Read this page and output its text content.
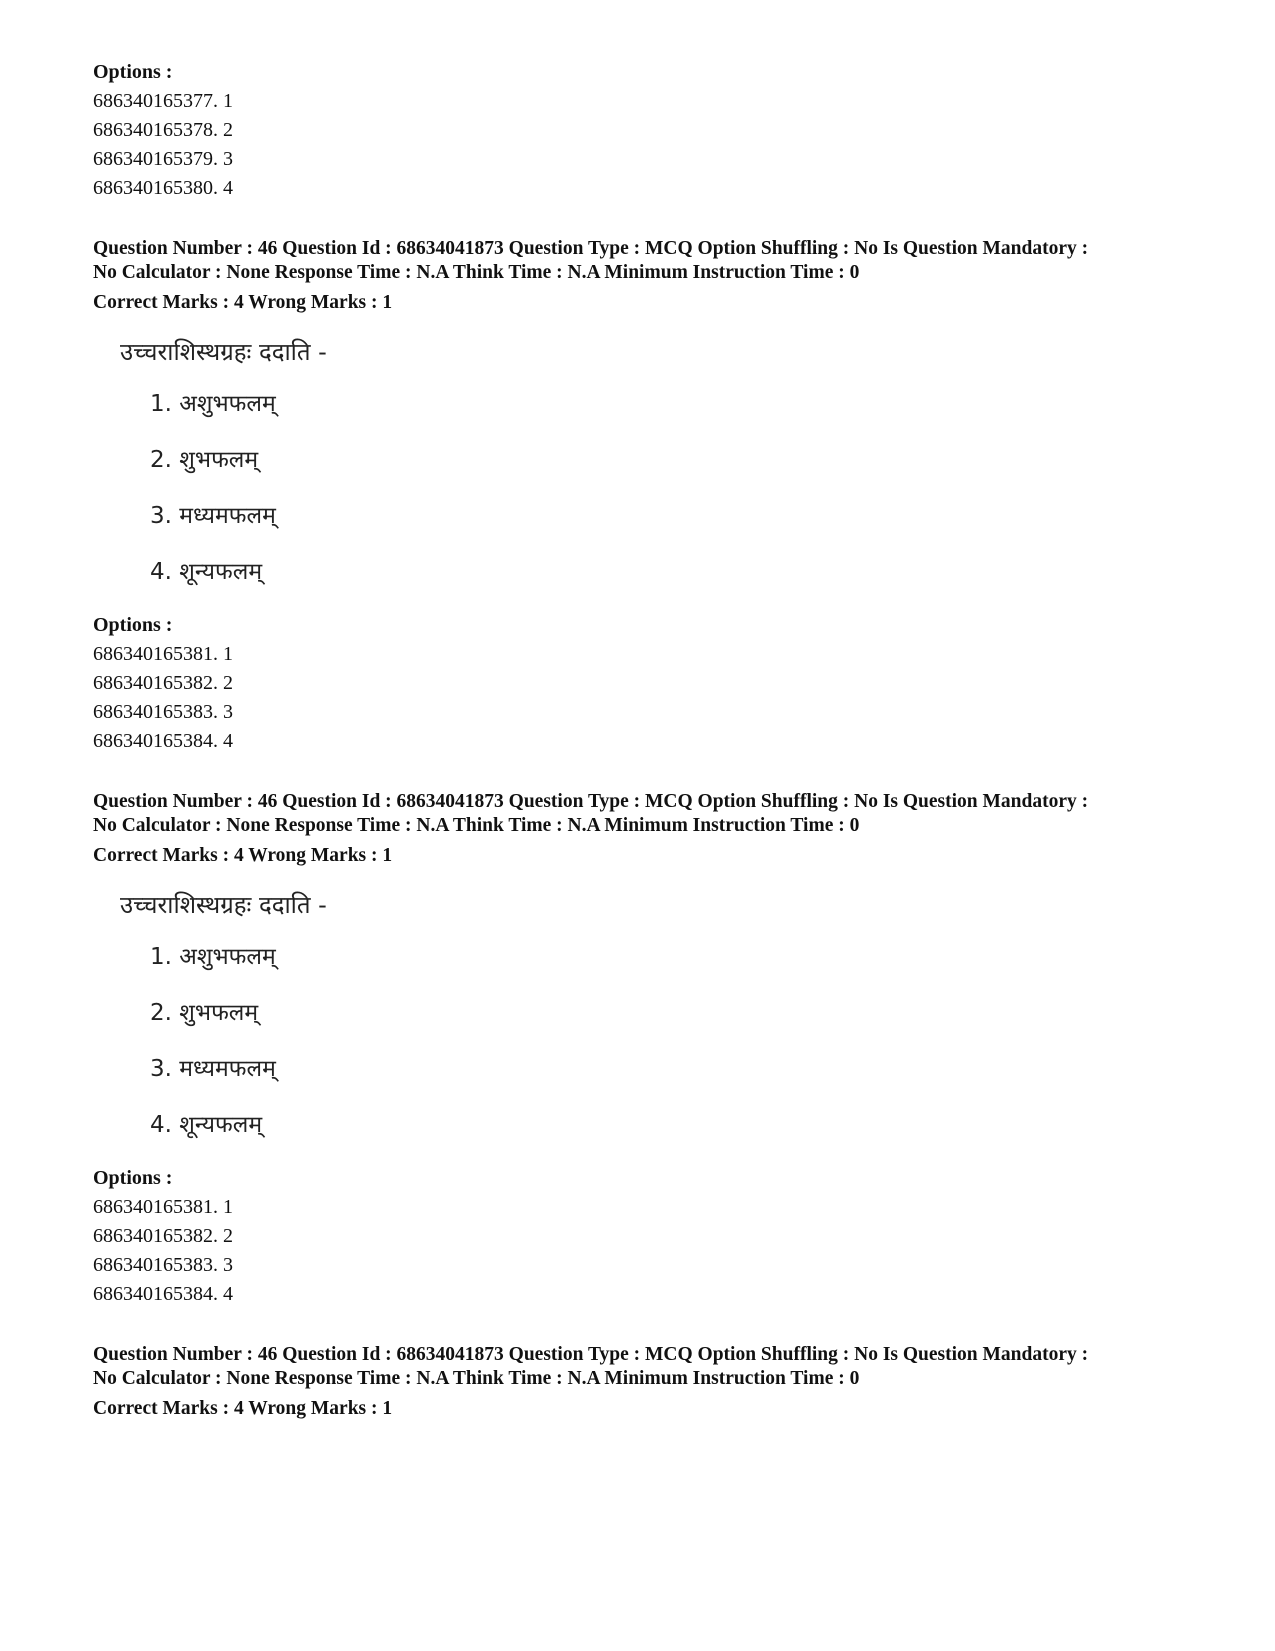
Options :

686340165377. 1

686340165378. 2

686340165379. 3

686340165380. 4

Question Number : 46 Question Id : 68634041873 Question Type : MCQ Option Shuffling : No Is Question Mandatory :

No Calculator : None Response Time : N.A Think Time : N.A Minimum Instruction Time : 0

Correct Marks : 4 Wrong Marks : 1

उच्चराशिस्थग्रहः ददाति -

1. अशुभफलम्

2. शुभफलम्

3. मध्यमफलम्

4. शून्यफलम्

Options :

686340165381. 1

686340165382. 2

686340165383. 3

686340165384. 4

Question Number : 46 Question Id : 68634041873 Question Type : MCQ Option Shuffling : No Is Question Mandatory :

No Calculator : None Response Time : N.A Think Time : N.A Minimum Instruction Time : 0

Correct Marks : 4 Wrong Marks : 1

उच्चराशिस्थग्रहः ददाति -

1. अशुभफलम्

2. शुभफलम्

3. मध्यमफलम्

4. शून्यफलम्

Options :

686340165381. 1

686340165382. 2

686340165383. 3

686340165384. 4

Question Number : 46 Question Id : 68634041873 Question Type : MCQ Option Shuffling : No Is Question Mandatory :

No Calculator : None Response Time : N.A Think Time : N.A Minimum Instruction Time : 0

Correct Marks : 4 Wrong Marks : 1
